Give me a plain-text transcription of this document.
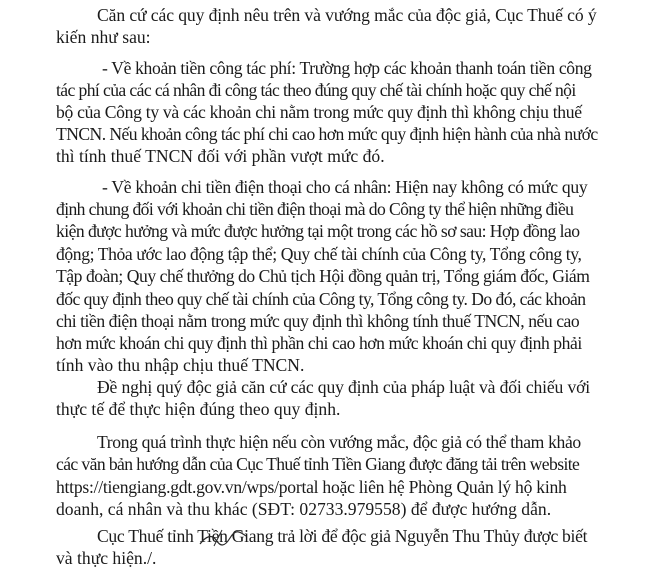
Căn cứ các quy định nêu trên và vướng mắc của độc giả, Cục Thuế có ý
kiến như sau:
- Về khoản tiền công tác phí: Trường hợp các khoản thanh toán tiền công
tác phí của các cá nhân đi công tác theo đúng quy chế tài chính hoặc quy chế nội
bộ của Công ty và các khoản chi nằm trong mức quy định thì không chịu thuế
TNCN. Nếu khoản công tác phí chi cao hơn mức quy định hiện hành của nhà nước
thì tính thuế TNCN đối với phần vượt mức đó.
- Về khoản chi tiền điện thoại cho cá nhân: Hiện nay không có mức quy
định chung đối với khoản chi tiền điện thoại mà do Công ty thể hiện những điều
kiện được hưởng và mức được hưởng tại một trong các hồ sơ sau: Hợp đồng lao
động; Thỏa ước lao động tập thể; Quy chế tài chính của Công ty, Tổng công ty,
Tập đoàn; Quy chế thưởng do Chủ tịch Hội đồng quản trị, Tổng giám đốc, Giám
đốc quy định theo quy chế tài chính của Công ty, Tổng công ty. Do đó, các khoản
chi tiền điện thoại nằm trong mức quy định thì không tính thuế TNCN, nếu cao
hơn mức khoán chi quy định thì phần chi cao hơn mức khoán chi quy định phải
tính vào thu nhập chịu thuế TNCN.
Đề nghị quý độc giả căn cứ các quy định của pháp luật và đối chiếu với
thực tế để thực hiện đúng theo quy định.
Trong quá trình thực hiện nếu còn vướng mắc, độc giả có thể tham khảo
các văn bản hướng dẫn của Cục Thuế tỉnh Tiền Giang được đăng tải trên website
https://tiengiang.gdt.gov.vn/wps/portal hoặc liên hệ Phòng Quản lý hộ kinh
doanh, cá nhân và thu khác (SĐT: 02733.979558) để được hướng dẫn.
Cục Thuế tỉnh Tiền Giang trả lời để độc giả Nguyễn Thu Thủy được biết
và thực hiện./.
